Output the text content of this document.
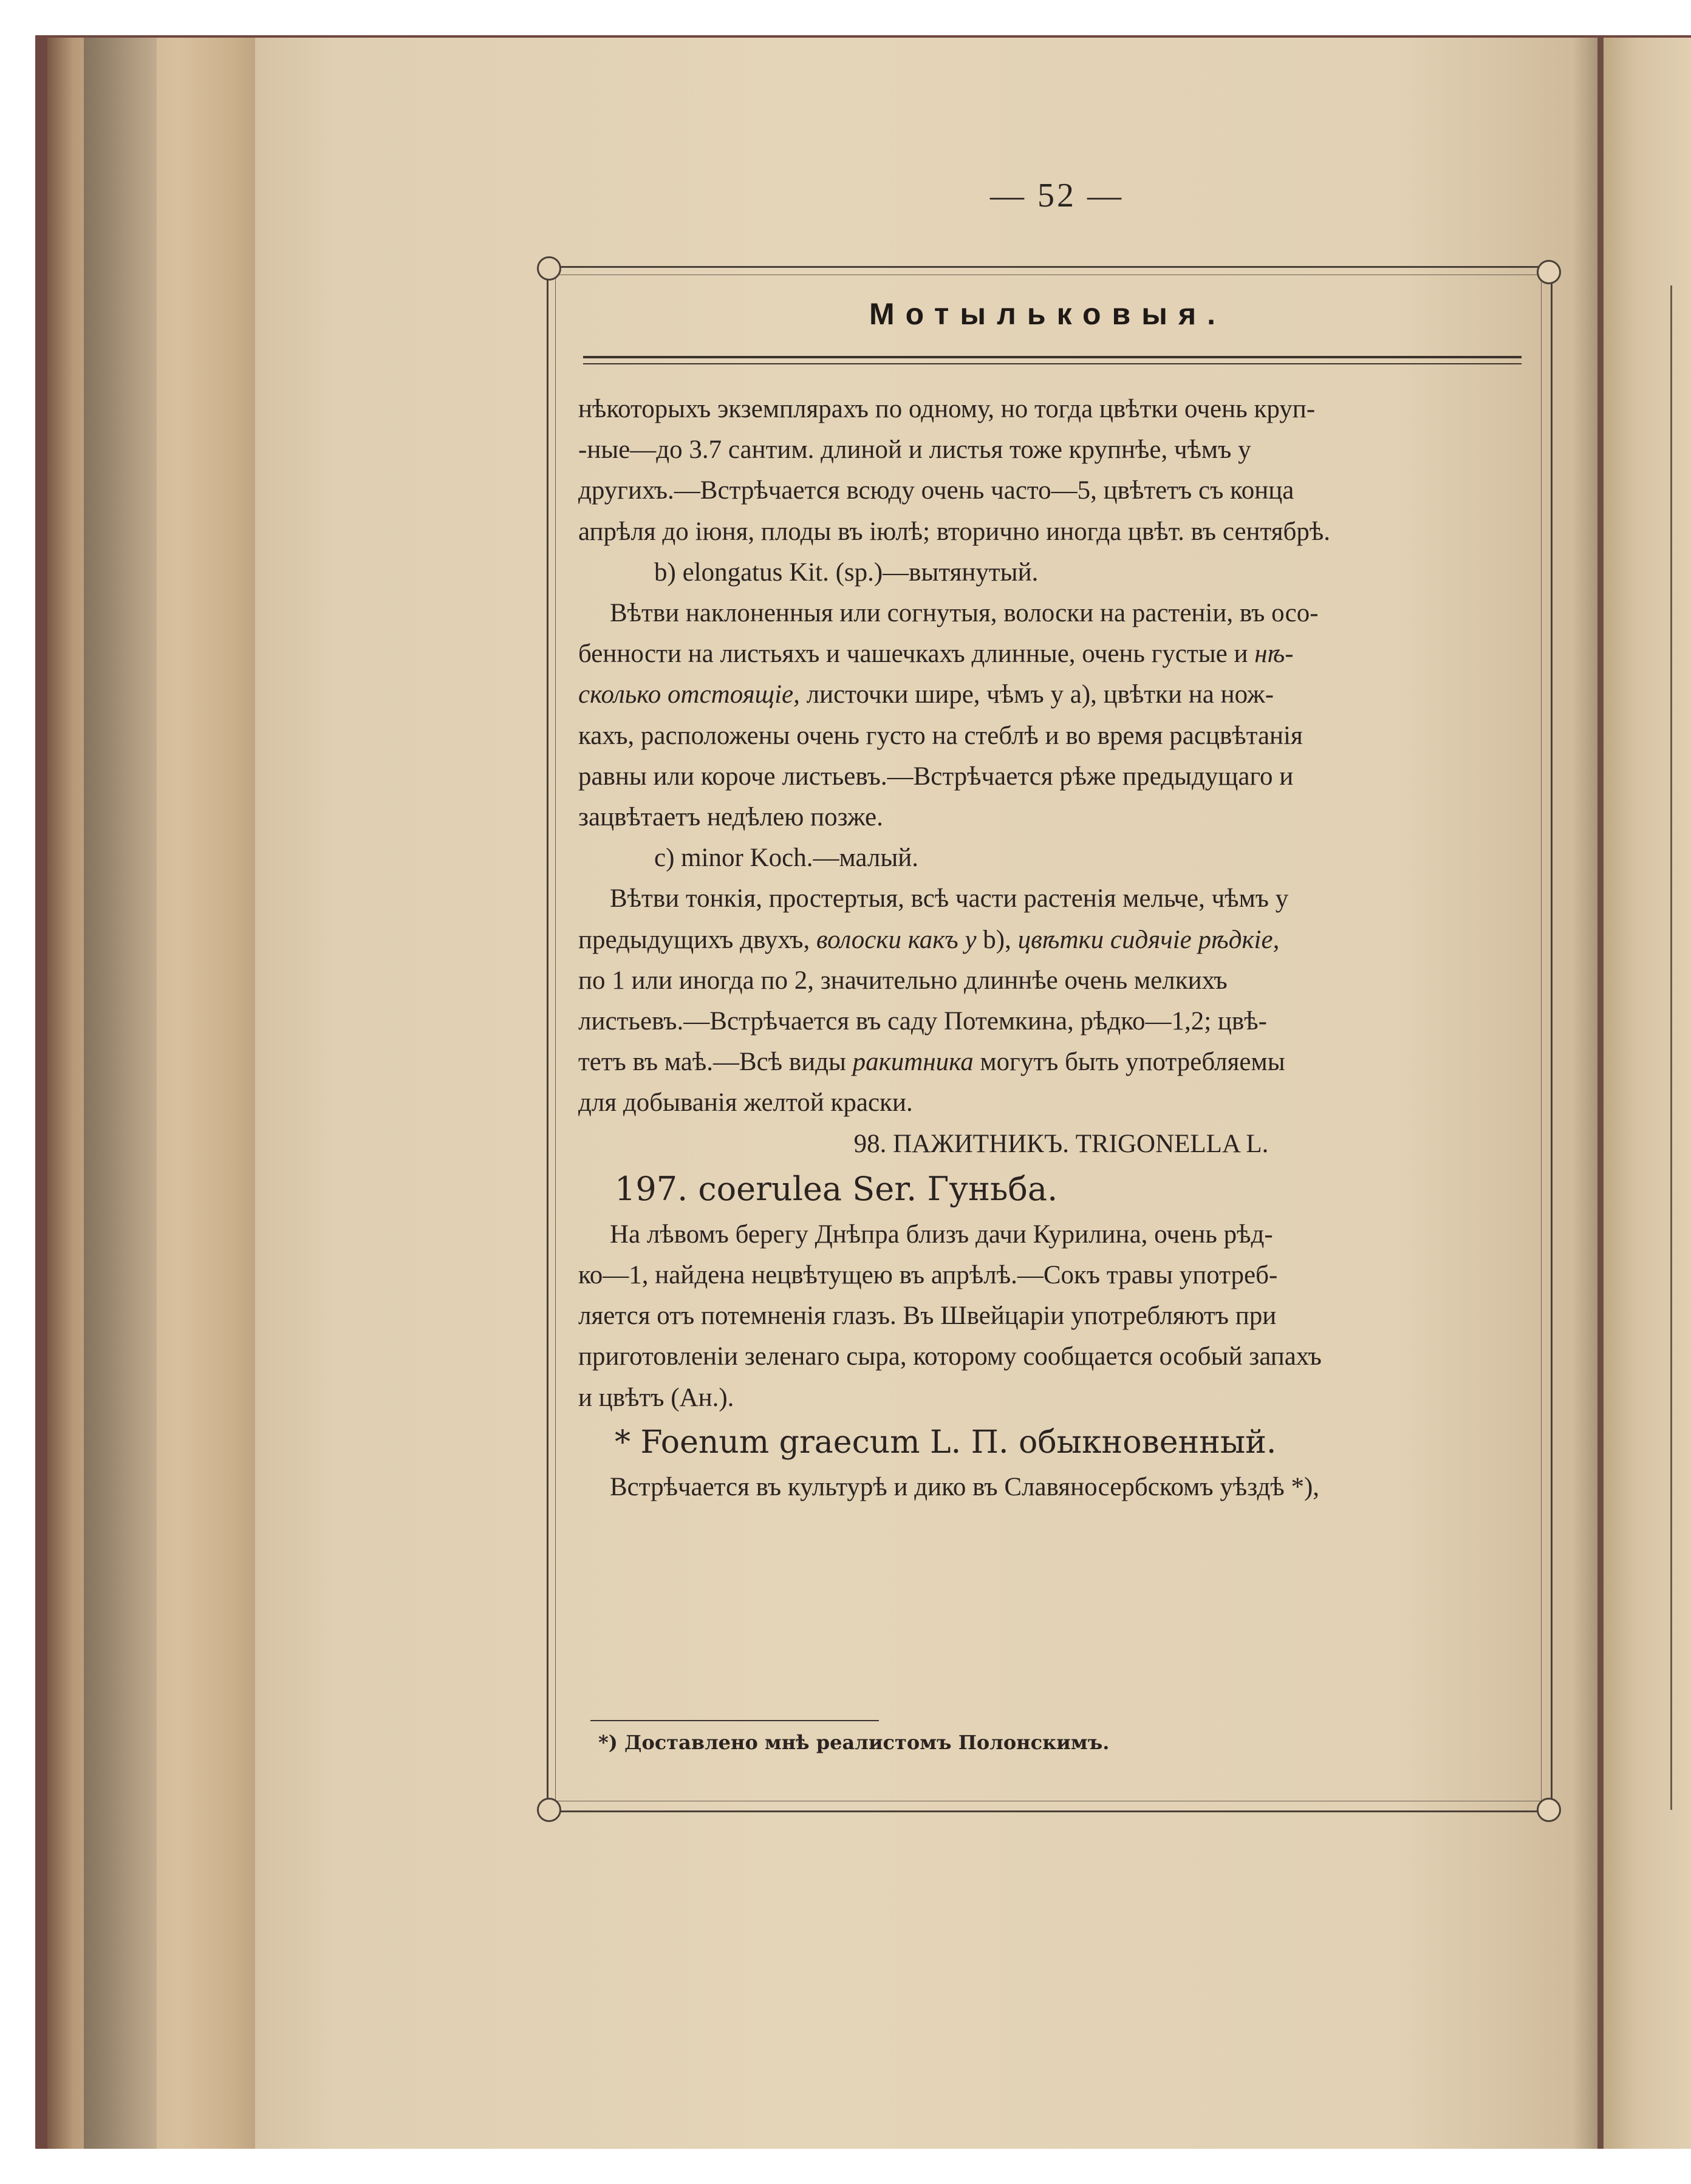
— 52 —
Мотыльковыя.

нѣкоторыхъ экземплярахъ по одному, но тогда цвѣтки очень круп-

-ные—до 3.7 сантим. длиной и листья тоже крупнѣе, чѣмъ у

другихъ.—Встрѣчается всюду очень часто—5, цвѣтетъ съ конца

апрѣля до iюня, плоды въ iюлѣ; вторично иногда цвѣт. въ сентябрѣ.

b) elongatus Kit. (sp.)—вытянутый.

Вѣтви наклоненныя или согнутыя, волоски на растенiи, въ осо-

бенности на листьяхъ и чашечкахъ длинные, очень густые и нѣ-

сколько отстоящiе, листочки шире, чѣмъ у a), цвѣтки на нож-

кахъ, расположены очень густо на стеблѣ и во время расцвѣтанiя

равны или короче листьевъ.—Встрѣчается рѣже предыдущаго и

зацвѣтаетъ недѣлею позже.

c) minor Koch.—малый.

Вѣтви тонкiя, простертыя, всѣ части растенiя мельче, чѣмъ у

предыдущихъ двухъ, волоски какъ у b), цвѣтки сидячiе рѣдкiе,

по 1 или иногда по 2, значительно длиннѣе очень мелкихъ

листьевъ.—Встрѣчается въ саду Потемкина, рѣдко—1,2; цвѣ-

тетъ въ маѣ.—Всѣ виды ракитника могутъ быть употребляемы

для добыванiя желтой краски.

98. ПАЖИТНИКЪ. TRIGONELLA L.

197. coerulea Ser. Гуньба.

На лѣвомъ берегу Днѣпра близъ дачи Курилина, очень рѣд-

ко—1, найдена нецвѣтущею въ апрѣлѣ.—Сокъ травы употреб-

ляется отъ потемненiя глазъ. Въ Швейцарiи употребляютъ при

приготовленiи зеленаго сыра, которому сообщается особый запахъ

и цвѣтъ (Ан.).

* Foenum graecum L. П. обыкновенный.

Встрѣчается въ культурѣ и дико въ Славяносербскомъ уѣздѣ *),

*) Доставлено мнѣ реалистомъ Полонскимъ.
